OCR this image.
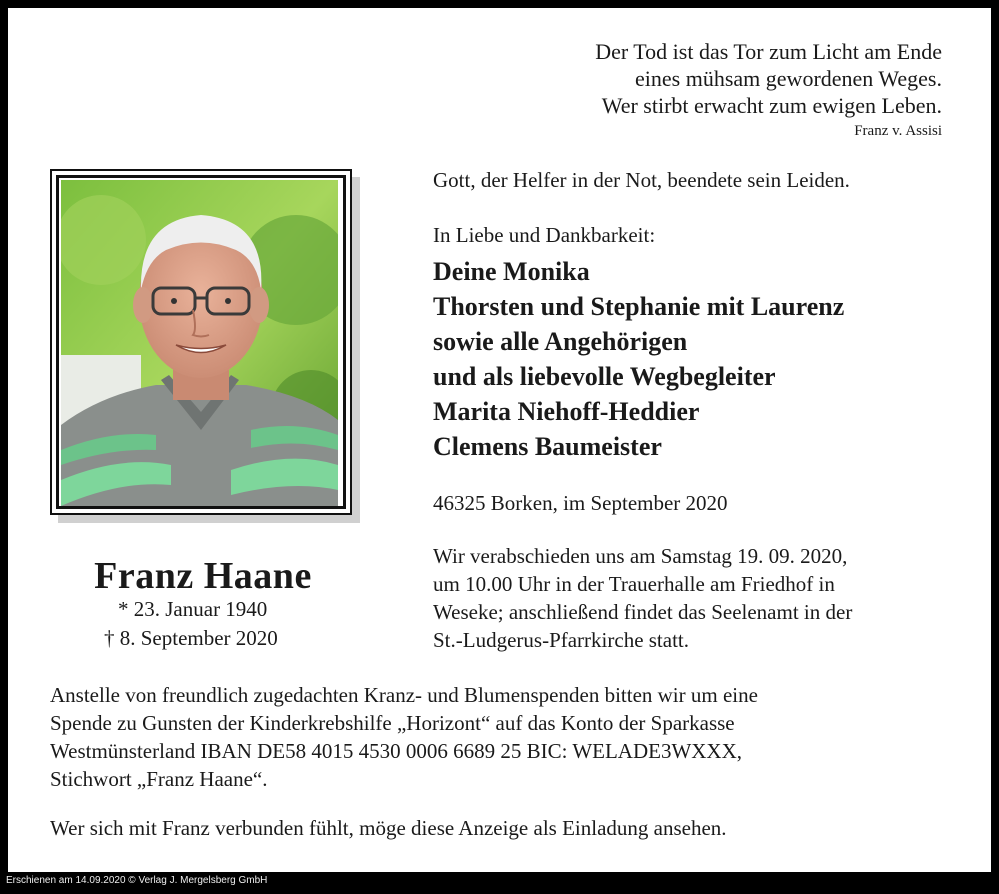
Der Tod ist das Tor zum Licht am Ende
eines mühsam gewordenen Weges.
Wer stirbt erwacht zum ewigen Leben.
Franz v. Assisi
Franz Haane
* 23. Januar 1940
† 8. September 2020
Gott, der Helfer in der Not, beendete sein Leiden.
In Liebe und Dankbarkeit:
Deine Monika
Thorsten und Stephanie mit Laurenz
sowie alle Angehörigen
und als liebevolle Wegbegleiter
Marita Niehoff-Heddier
Clemens Baumeister
46325 Borken, im September 2020
Wir verabschieden uns am Samstag 19. 09. 2020,
um 10.00 Uhr in der Trauerhalle am Friedhof in
Weseke; anschließend findet das Seelenamt in der
St.-Ludgerus-Pfarrkirche statt.
Anstelle von freundlich zugedachten Kranz- und Blumenspenden bitten wir um eine
Spende zu Gunsten der Kinderkrebshilfe „Horizont“ auf das Konto der Sparkasse
Westmünsterland IBAN DE58 4015 4530 0006 6689 25 BIC: WELADE3WXXX,
Stichwort „Franz Haane“.
Wer sich mit Franz verbunden fühlt, möge diese Anzeige als Einladung ansehen.
Erschienen am 14.09.2020 © Verlag J. Mergelsberg GmbH
